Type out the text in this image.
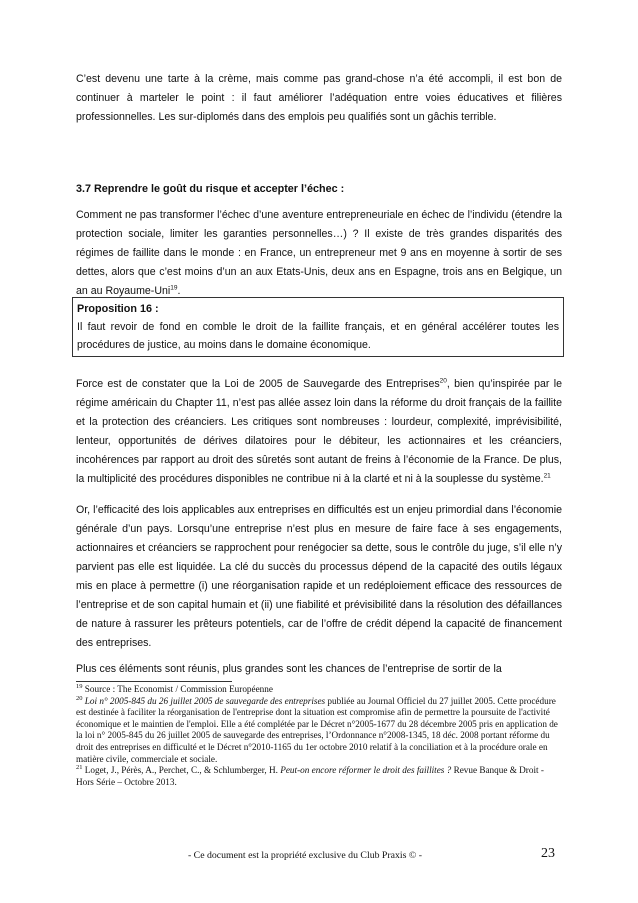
C’est devenu une tarte à la crème, mais comme pas grand-chose n’a été accompli, il est bon de continuer à marteler le point : il faut améliorer l’adéquation entre voies éducatives et filières professionnelles. Les sur-diplomés dans des emplois peu qualifiés sont un gâchis terrible.

3.7 Reprendre le goût du risque et accepter l’échec :

Comment ne pas transformer l’échec d’une aventure entrepreneuriale en échec de l’individu (étendre la protection sociale, limiter les garanties personnelles…) ? Il existe de très grandes disparités des régimes de faillite dans le monde : en France, un entrepreneur met 9 ans en moyenne à sortir de ses dettes, alors que c’est moins d’un an aux Etats-Unis, deux ans en Espagne, trois ans en Belgique, un an au Royaume-Uni$^{19}$.

Proposition 16 :

Il faut revoir de fond en comble le droit de la faillite français, et en général accélérer toutes les procédures de justice, au moins dans le domaine économique.

Force est de constater que la Loi de 2005 de Sauvegarde des Entreprises$^{20}$, bien qu’inspirée par le régime américain du Chapter 11, n’est pas allée assez loin dans la réforme du droit français de la faillite et la protection des créanciers. Les critiques sont nombreuses : lourdeur, complexité, imprévisibilité, lenteur, opportunités de dérives dilatoires pour le débiteur, les actionnaires et les créanciers, incohérences par rapport au droit des sûretés sont autant de freins à l’économie de la France. De plus, la multiplicité des procédures disponibles ne contribue ni à la clarté et ni à la souplesse du système.$^{21}$

Or, l’efficacité des lois applicables aux entreprises en difficultés est un enjeu primordial dans l’économie générale d’un pays. Lorsqu’une entreprise n’est plus en mesure de faire face à ses engagements, actionnaires et créanciers se rapprochent pour renégocier sa dette, sous le contrôle du juge, s’il elle n’y parvient pas elle est liquidée. La clé du succès du processus dépend de la capacité des outils légaux mis en place à permettre (i) une réorganisation rapide et un redéploiement efficace des ressources de l’entreprise et de son capital humain et (ii) une fiabilité et prévisibilité dans la résolution des défaillances de nature à rassurer les prêteurs potentiels, car de l’offre de crédit dépend la capacité de financement des entreprises.

Plus ces éléments sont réunis, plus grandes sont les chances de l’entreprise de sortir de la

$^{19}$ Source : The Economist / Commission Européenne

$^{20}$ Loi n° 2005-845 du 26 juillet 2005 de sauvegarde des entreprises publiée au Journal Officiel du 27 juillet 2005. Cette procédure est destinée à faciliter la réorganisation de l'entreprise dont la situation est compromise afin de permettre la poursuite de l'activité économique et le maintien de l'emploi. Elle a été complétée par le Décret n°2005-1677 du 28 décembre 2005 pris en application de la loi n° 2005-845 du 26 juillet 2005 de sauvegarde des entreprises, l’Ordonnance n°2008-1345, 18 déc. 2008 portant réforme du droit des entreprises en difficulté et le Décret n°2010-1165 du 1er octobre 2010 relatif à la conciliation et à la procédure orale en matière civile, commerciale et sociale.

$^{21}$ Loget, J., Pérès, A., Perchet, C., & Schlumberger, H. Peut-on encore réformer le droit des faillites ? Revue Banque & Droit - Hors Série – Octobre 2013.

- Ce document est la propriété exclusive du Club Praxis © -	23
